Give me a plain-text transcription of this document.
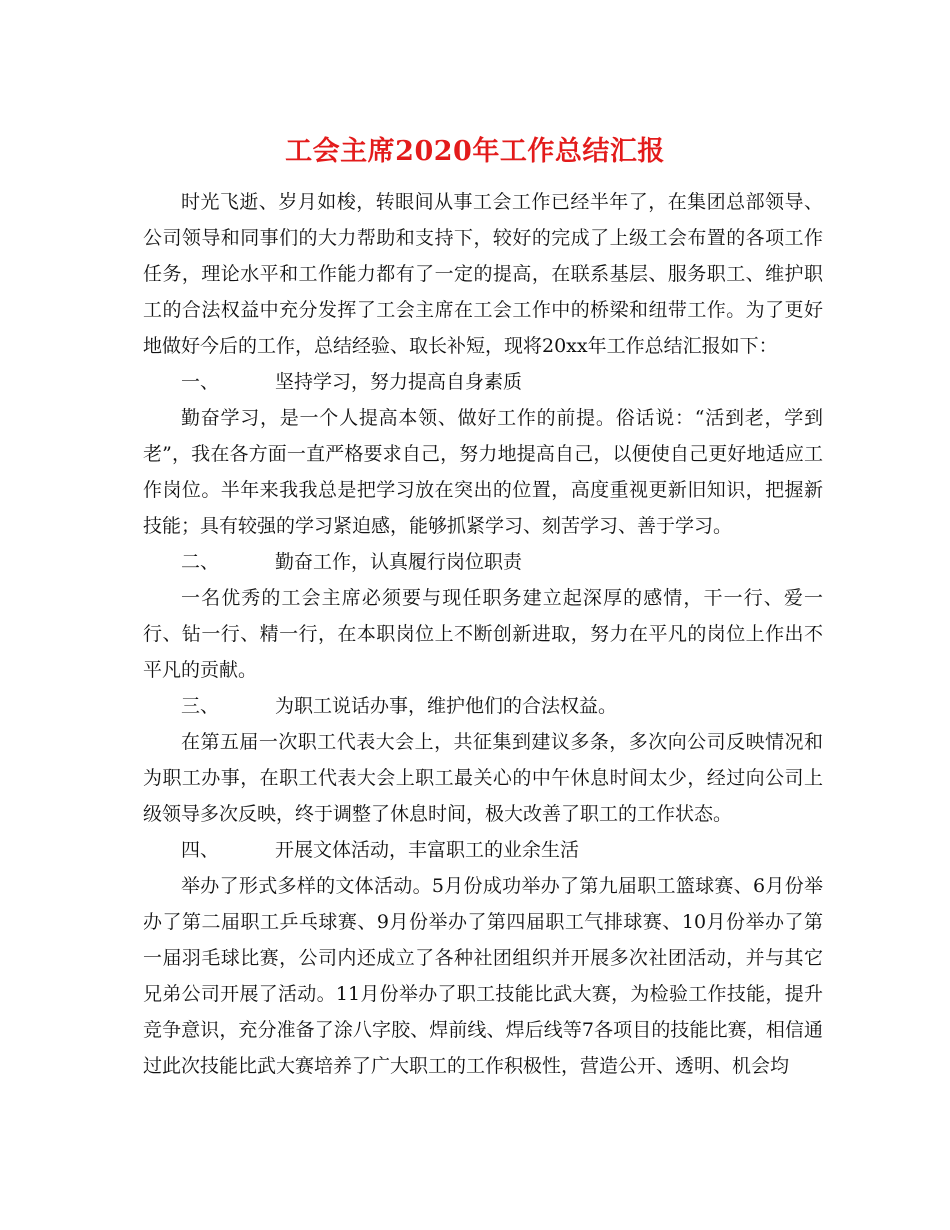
工会主席2020年工作总结汇报

时光飞逝、岁月如梭，转眼间从事工会工作已经半年了，在集团总部领导、公司领导和同事们的大力帮助和支持下，较好的完成了上级工会布置的各项工作任务，理论水平和工作能力都有了一定的提高，在联系基层、服务职工、维护职工的合法权益中充分发挥了工会主席在工会工作中的桥梁和纽带工作。为了更好地做好今后的工作，总结经验、取长补短，现将20xx年工作总结汇报如下：

一、	坚持学习，努力提高自身素质

勤奋学习，是一个人提高本领、做好工作的前提。俗话说：“活到老，学到老”，我在各方面一直严格要求自己，努力地提高自己，以便使自己更好地适应工作岗位。半年来我我总是把学习放在突出的位置，高度重视更新旧知识，把握新技能；具有较强的学习紧迫感，能够抓紧学习、刻苦学习、善于学习。

二、	勤奋工作，认真履行岗位职责

一名优秀的工会主席必须要与现任职务建立起深厚的感情，干一行、爱一行、钻一行、精一行，在本职岗位上不断创新进取，努力在平凡的岗位上作出不平凡的贡献。

三、	为职工说话办事，维护他们的合法权益。

在第五届一次职工代表大会上，共征集到建议多条，多次向公司反映情况和为职工办事，在职工代表大会上职工最关心的中午休息时间太少，经过向公司上级领导多次反映，终于调整了休息时间，极大改善了职工的工作状态。

四、	开展文体活动，丰富职工的业余生活

举办了形式多样的文体活动。5月份成功举办了第九届职工篮球赛、6月份举办了第二届职工乒乓球赛、9月份举办了第四届职工气排球赛、10月份举办了第一届羽毛球比赛，公司内还成立了各种社团组织并开展多次社团活动，并与其它兄弟公司开展了活动。11月份举办了职工技能比武大赛，为检验工作技能，提升竞争意识，充分准备了涂八字胶、焊前线、焊后线等7各项目的技能比赛，相信通过此次技能比武大赛培养了广大职工的工作积极性，营造公开、透明、机会均
